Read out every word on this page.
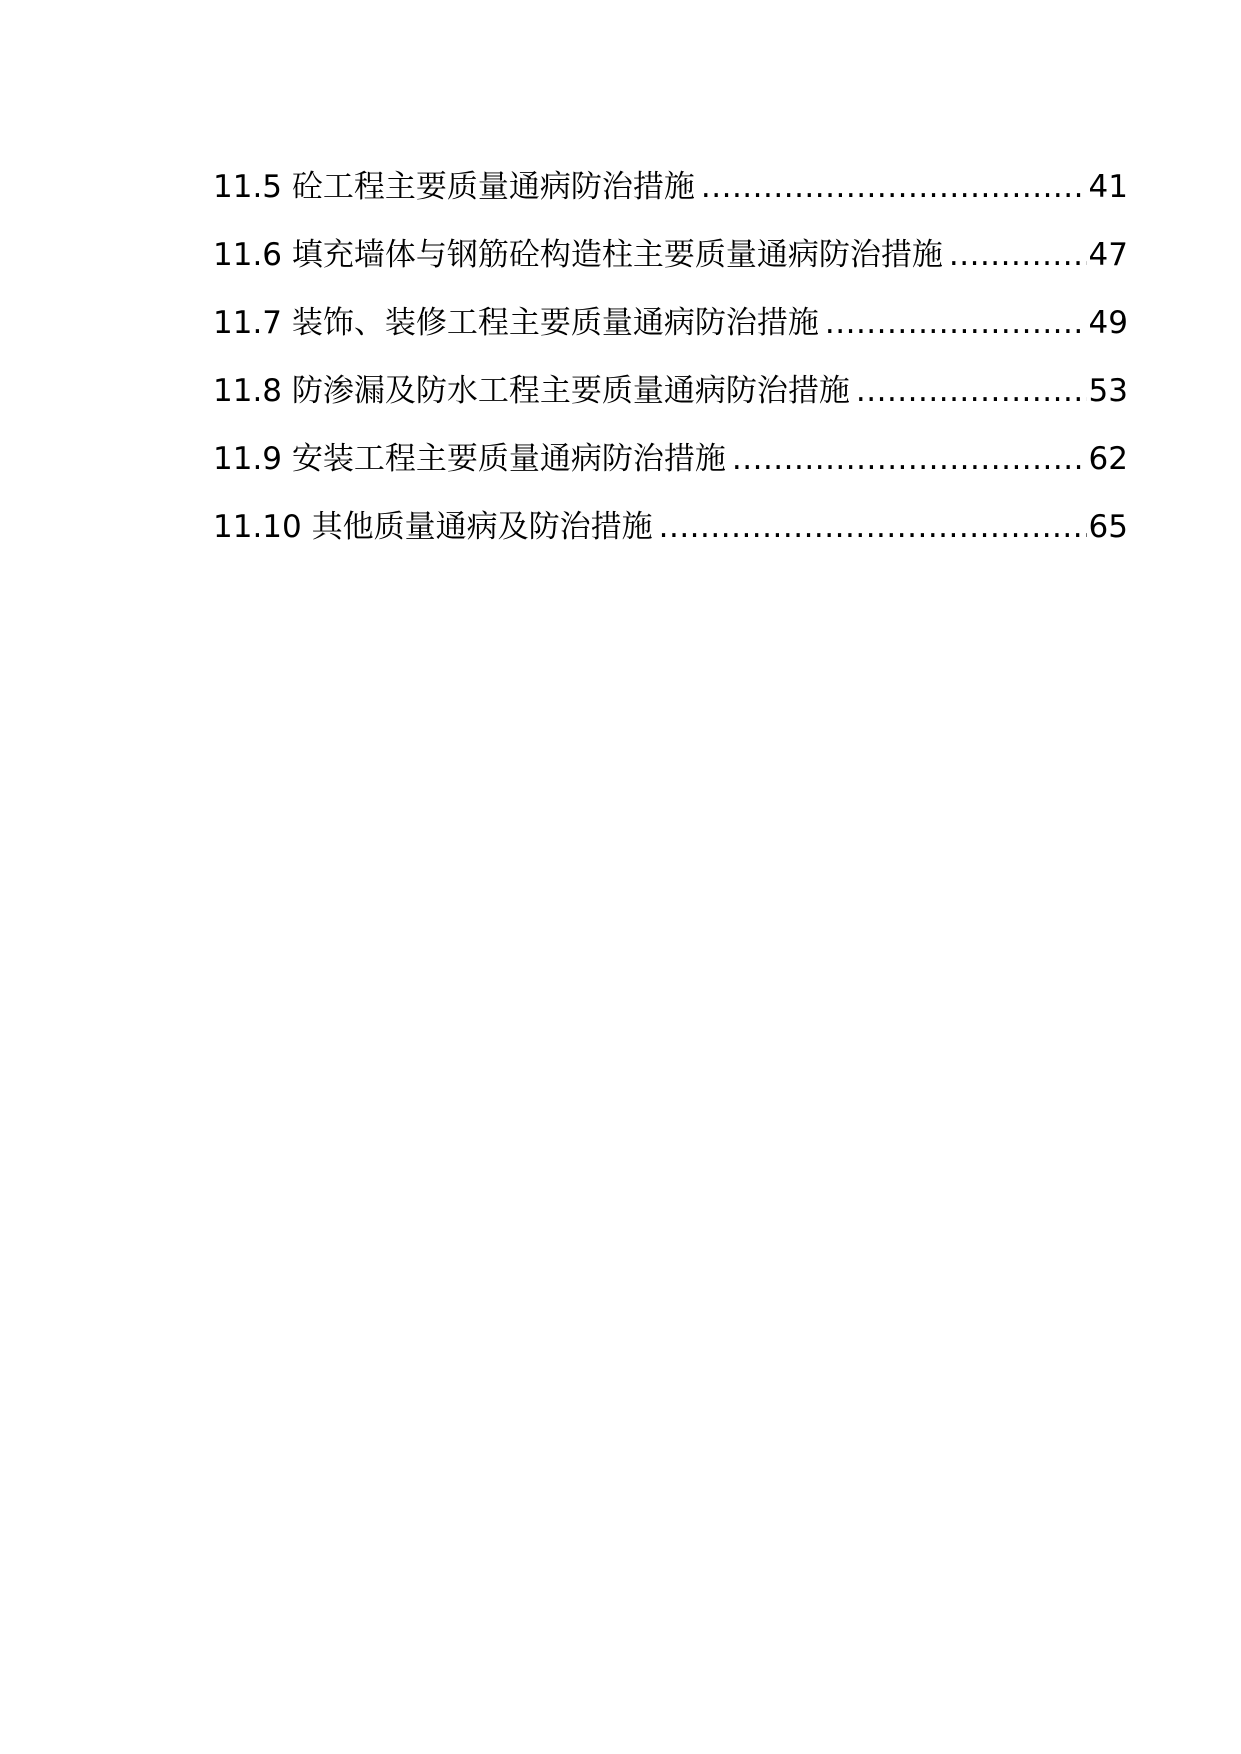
11.5 砼工程主要质量通病防治措施 .....	41
11.6 填充墙体与钢筋砼构造柱主要质量通病防治措施 .....	47
11.7 装饰、装修工程主要质量通病防治措施 .....	49
11.8 防渗漏及防水工程主要质量通病防治措施 .....	53
11.9 安装工程主要质量通病防治措施 .....	62
11.10 其他质量通病及防治措施 .....	65
